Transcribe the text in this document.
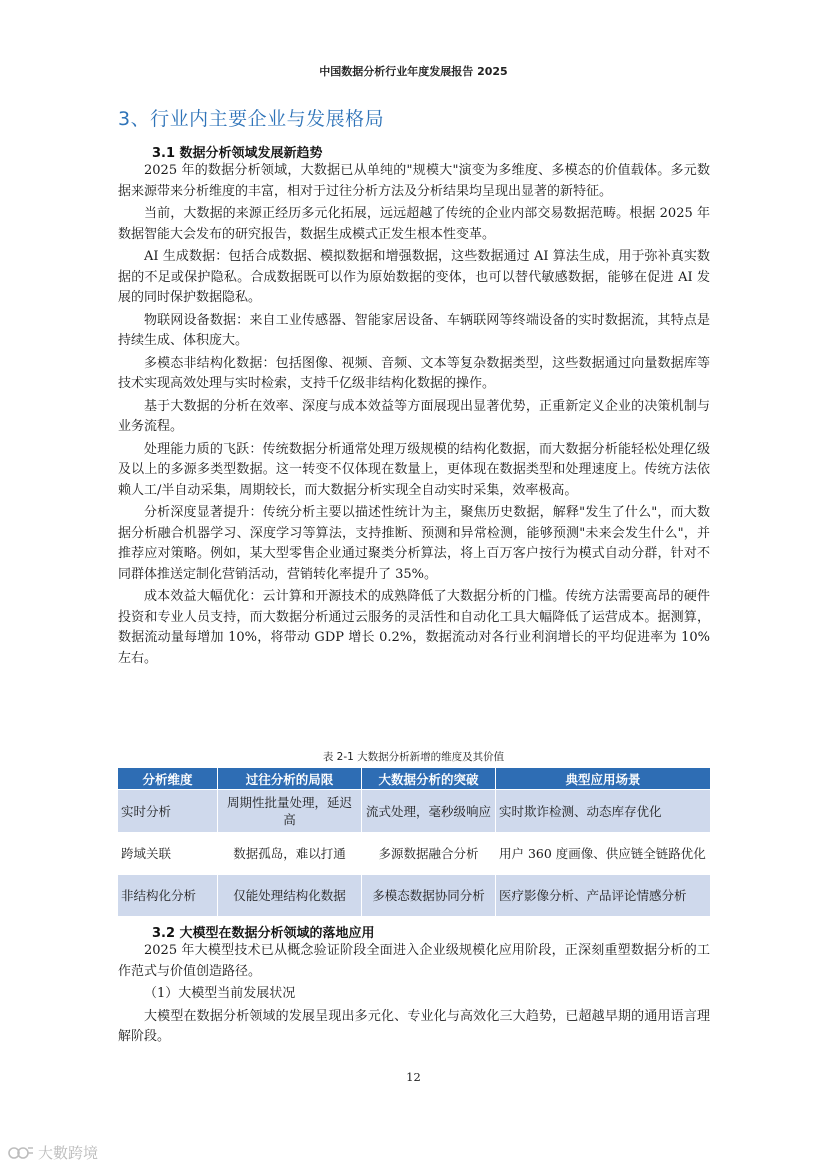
中国数据分析行业年度发展报告 2025
3、行业内主要企业与发展格局
3.1 数据分析领域发展新趋势

2025 年的数据分析领域，大数据已从单纯的"规模大"演变为多维度、多模态的价值载体。多元数据来源带来分析维度的丰富，相对于过往分析方法及分析结果均呈现出显著的新特征。

当前，大数据的来源正经历多元化拓展，远远超越了传统的企业内部交易数据范畴。根据 2025 年数据智能大会发布的研究报告，数据生成模式正发生根本性变革。

AI 生成数据：包括合成数据、模拟数据和增强数据，这些数据通过 AI 算法生成，用于弥补真实数据的不足或保护隐私。合成数据既可以作为原始数据的变体，也可以替代敏感数据，能够在促进 AI 发展的同时保护数据隐私。

物联网设备数据：来自工业传感器、智能家居设备、车辆联网等终端设备的实时数据流，其特点是持续生成、体积庞大。

多模态非结构化数据：包括图像、视频、音频、文本等复杂数据类型，这些数据通过向量数据库等技术实现高效处理与实时检索，支持千亿级非结构化数据的操作。

基于大数据的分析在效率、深度与成本效益等方面展现出显著优势，正重新定义企业的决策机制与业务流程。

处理能力质的飞跃：传统数据分析通常处理万级规模的结构化数据，而大数据分析能轻松处理亿级及以上的多源多类型数据。这一转变不仅体现在数量上，更体现在数据类型和处理速度上。传统方法依赖人工/半自动采集，周期较长，而大数据分析实现全自动实时采集，效率极高。

分析深度显著提升：传统分析主要以描述性统计为主，聚焦历史数据，解释"发生了什么"，而大数据分析融合机器学习、深度学习等算法，支持推断、预测和异常检测，能够预测"未来会发生什么"，并推荐应对策略。例如，某大型零售企业通过聚类分析算法，将上百万客户按行为模式自动分群，针对不同群体推送定制化营销活动，营销转化率提升了 35%。

成本效益大幅优化：云计算和开源技术的成熟降低了大数据分析的门槛。传统方法需要高昂的硬件投资和专业人员支持，而大数据分析通过云服务的灵活性和自动化工具大幅降低了运营成本。据测算，数据流动量每增加 10%，将带动 GDP 增长 0.2%，数据流动对各行业利润增长的平均促进率为 10%左右。

表 2-1 大数据分析新增的维度及其价值
分析维度	过往分析的局限	大数据分析的突破	典型应用场景
实时分析	周期性批量处理，延迟高	流式处理，毫秒级响应	实时欺诈检测、动态库存优化
跨域关联	数据孤岛，难以打通	多源数据融合分析	用户 360 度画像、供应链全链路优化
非结构化分析	仅能处理结构化数据	多模态数据协同分析	医疗影像分析、产品评论情感分析
3.2 大模型在数据分析领域的落地应用

2025 年大模型技术已从概念验证阶段全面进入企业级规模化应用阶段，正深刻重塑数据分析的工作范式与价值创造路径。

（1）大模型当前发展状况

大模型在数据分析领域的发展呈现出多元化、专业化与高效化三大趋势，已超越早期的通用语言理解阶段。

12
大數跨境
